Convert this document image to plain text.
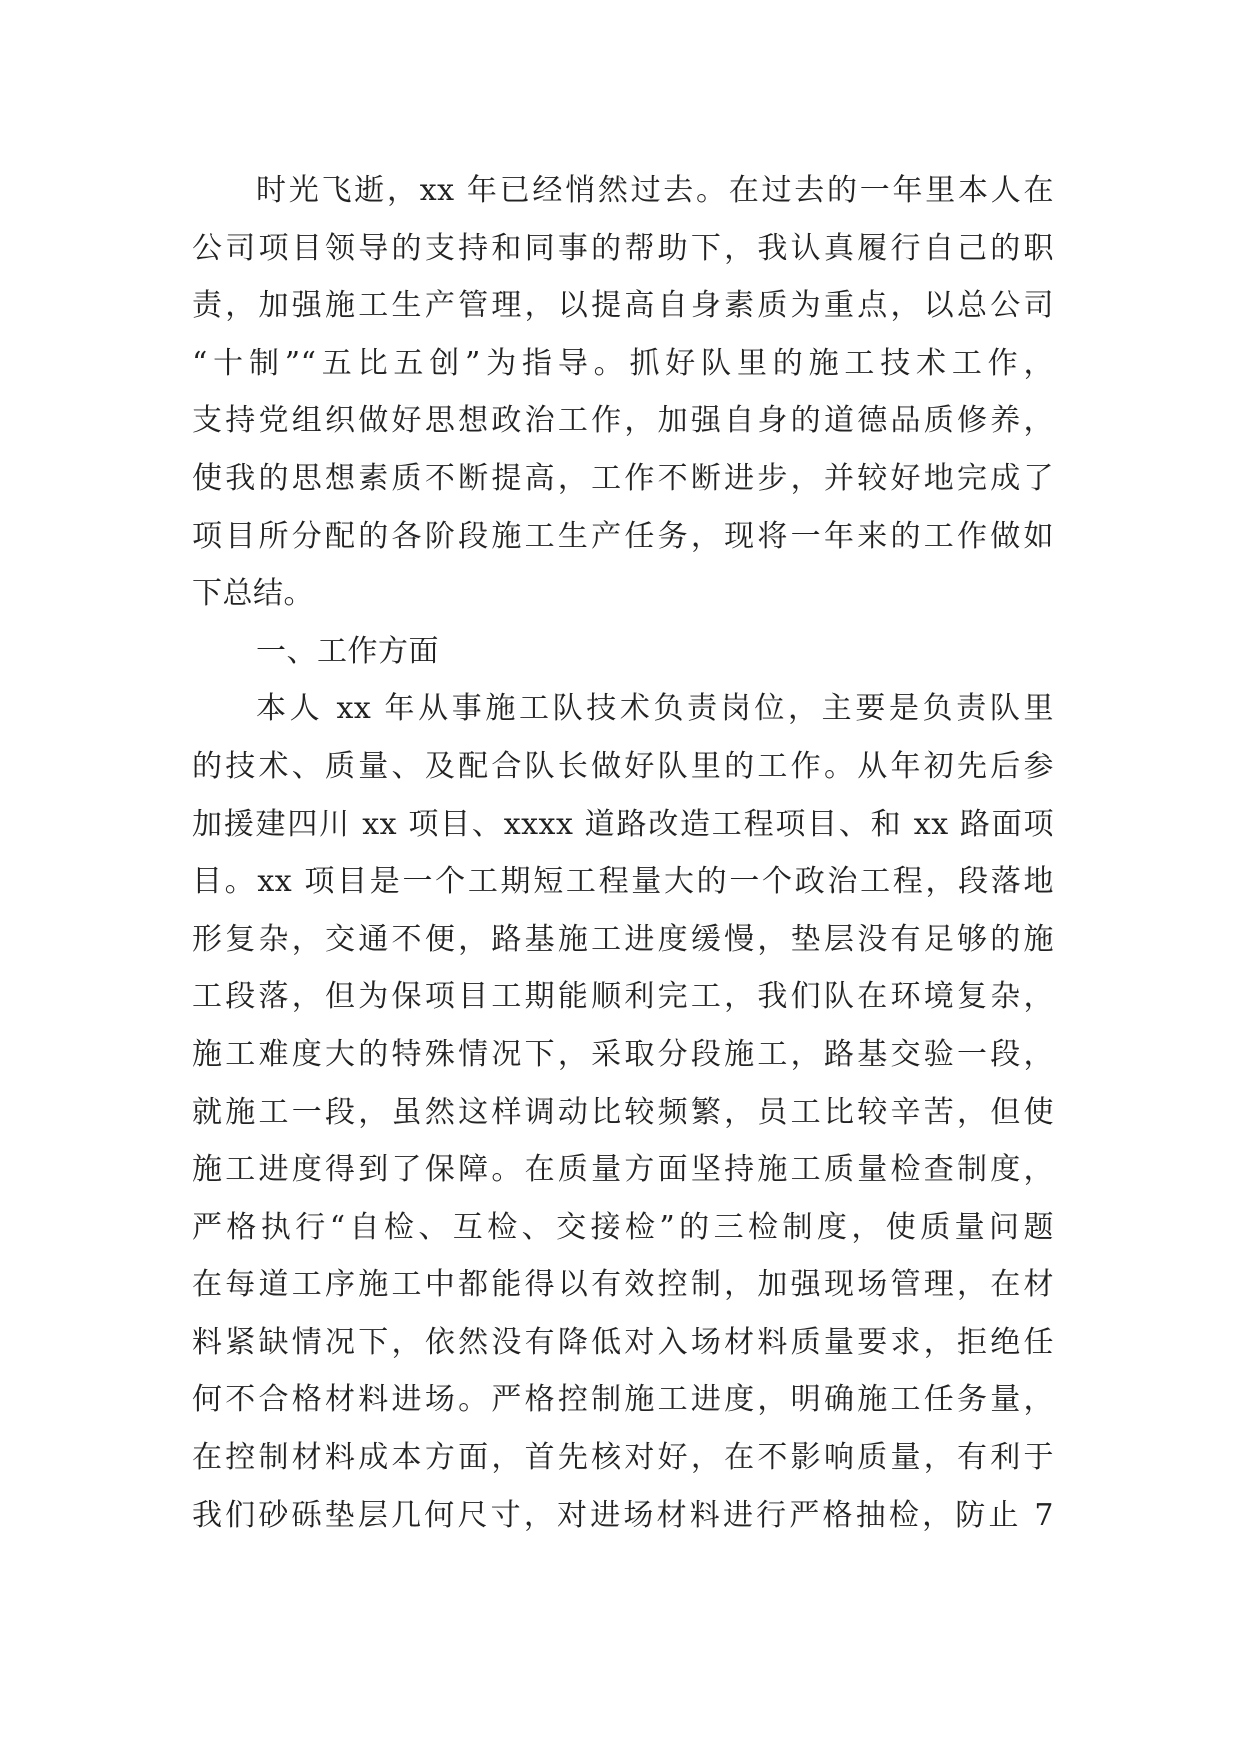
时光飞逝，xx 年已经悄然过去。在过去的一年里本人在
公司项目领导的支持和同事的帮助下，我认真履行自己的职
责，加强施工生产管理，以提高自身素质为重点，以总公司
“十制”“五比五创”为指导。抓好队里的施工技术工作，
支持党组织做好思想政治工作，加强自身的道德品质修养，
使我的思想素质不断提高，工作不断进步，并较好地完成了
项目所分配的各阶段施工生产任务，现将一年来的工作做如
下总结。
一、工作方面
本人 xx 年从事施工队技术负责岗位，主要是负责队里
的技术、质量、及配合队长做好队里的工作。从年初先后参
加援建四川 xx 项目、xxxx 道路改造工程项目、和 xx 路面项
目。xx 项目是一个工期短工程量大的一个政治工程，段落地
形复杂，交通不便，路基施工进度缓慢，垫层没有足够的施
工段落，但为保项目工期能顺利完工，我们队在环境复杂，
施工难度大的特殊情况下，采取分段施工，路基交验一段，
就施工一段，虽然这样调动比较频繁，员工比较辛苦，但使
施工进度得到了保障。在质量方面坚持施工质量检查制度，
严格执行“自检、互检、交接检”的三检制度，使质量问题
在每道工序施工中都能得以有效控制，加强现场管理，在材
料紧缺情况下，依然没有降低对入场材料质量要求，拒绝任
何不合格材料进场。严格控制施工进度，明确施工任务量，
在控制材料成本方面，首先核对好，在不影响质量，有利于
我们砂砾垫层几何尺寸，对进场材料进行严格抽检，防止 7
